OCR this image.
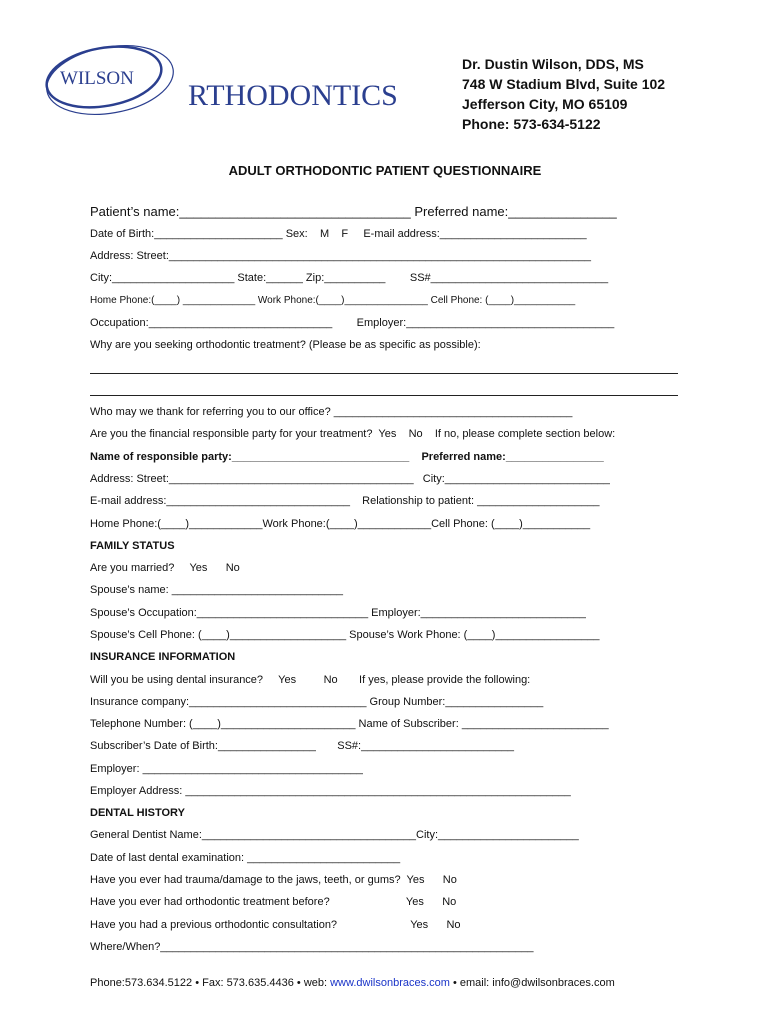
WILSON
RTHODONTICS
Dr. Dustin Wilson, DDS, MS
748 W Stadium Blvd, Suite 102
Jefferson City, MO 65109
Phone: 573-634-5122
ADULT ORTHODONTIC PATIENT QUESTIONNAIRE
Patient’s name:________________________________ Preferred name:_______________
Date of Birth:_____________________ Sex:    M    F     E-mail address:________________________
Address: Street:_____________________________________________________________________
City:____________________ State:______ Zip:__________        SS#_____________________________
Home Phone:(____) _____________ Work Phone:(____)_______________ Cell Phone: (____)___________
Occupation:______________________________        Employer:__________________________________
Why are you seeking orthodontic treatment? (Please be as specific as possible):
Who may we thank for referring you to our office? _______________________________________
Are you the financial responsible party for your treatment?  Yes    No    If no, please complete section below:
Name of responsible party:_____________________________    Preferred name:________________
Address: Street:________________________________________   City:___________________________
E-mail address:______________________________    Relationship to patient: ____________________
Home Phone:(____)____________Work Phone:(____)____________Cell Phone: (____)___________
FAMILY STATUS
Are you married?     Yes      No
Spouse’s name: ____________________________
Spouse’s Occupation:____________________________ Employer:___________________________
Spouse’s Cell Phone: (____)___________________ Spouse’s Work Phone: (____)_________________
INSURANCE INFORMATION
Will you be using dental insurance?     Yes         No       If yes, please provide the following:
Insurance company:_____________________________ Group Number:________________
Telephone Number: (____)______________________ Name of Subscriber: ________________________
Subscriber’s Date of Birth:________________       SS#:_________________________
Employer: ____________________________________
Employer Address: _______________________________________________________________
DENTAL HISTORY
General Dentist Name:___________________________________City:_______________________
Date of last dental examination: _________________________
Have you ever had trauma/damage to the jaws, teeth, or gums?  Yes      No
Have you ever had orthodontic treatment before?                         Yes      No
Have you had a previous orthodontic consultation?                        Yes      No
Where/When?_____________________________________________________________
Phone:573.634.5122 • Fax: 573.635.4436 • web: www.dwilsonbraces.com • email: info@dwilsonbraces.com
